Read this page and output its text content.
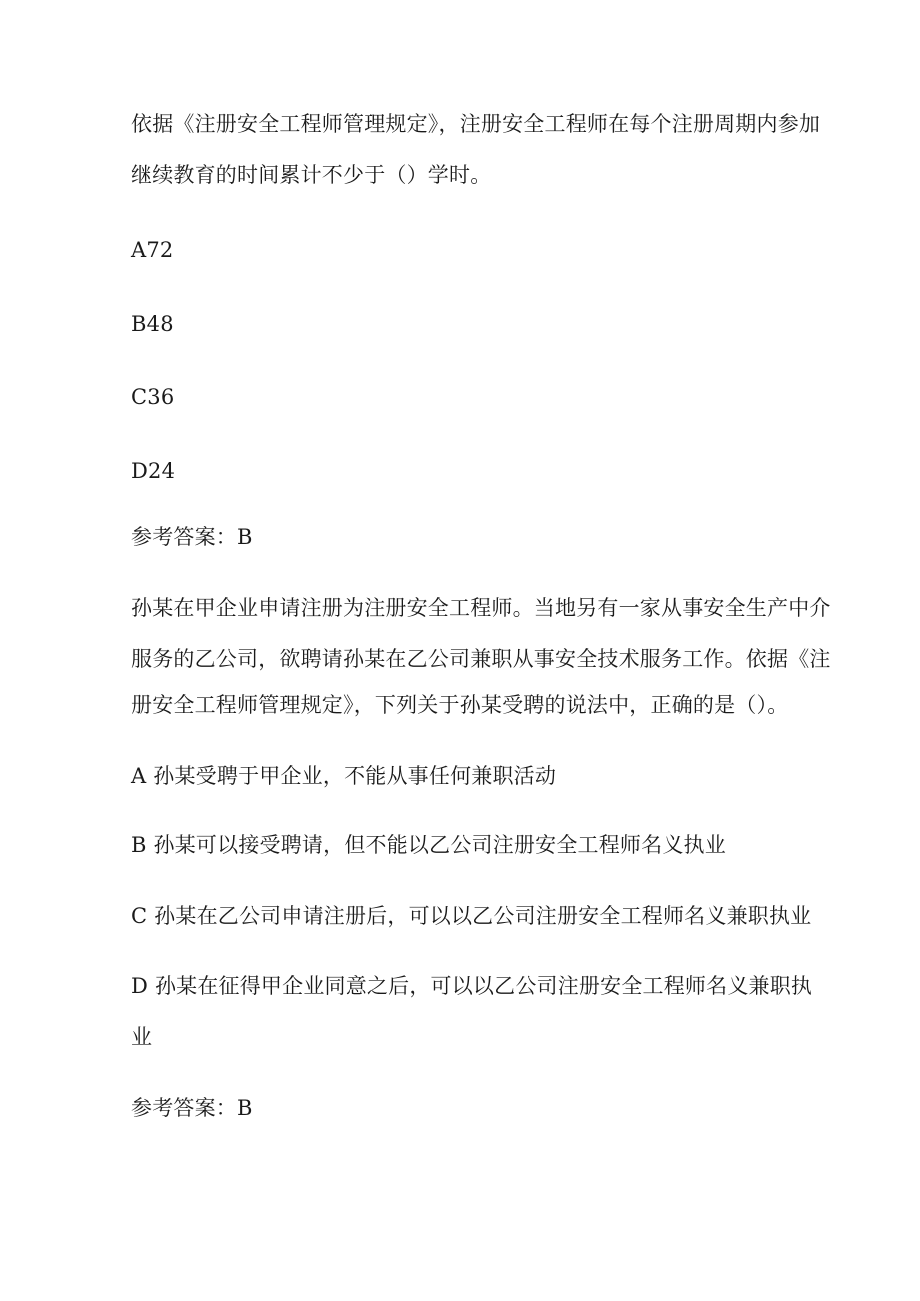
依据《注册安全工程师管理规定》，注册安全工程师在每个注册周期内参加
继续教育的时间累计不少于（）学时。
A72
B48
C36
D24
参考答案：B
孙某在甲企业申请注册为注册安全工程师。当地另有一家从事安全生产中介
服务的乙公司，欲聘请孙某在乙公司兼职从事安全技术服务工作。依据《注
册安全工程师管理规定》，下列关于孙某受聘的说法中，正确的是（）。
A 孙某受聘于甲企业，不能从事任何兼职活动
B 孙某可以接受聘请，但不能以乙公司注册安全工程师名义执业
C 孙某在乙公司申请注册后，可以以乙公司注册安全工程师名义兼职执业
D 孙某在征得甲企业同意之后，可以以乙公司注册安全工程师名义兼职执
业
参考答案：B
